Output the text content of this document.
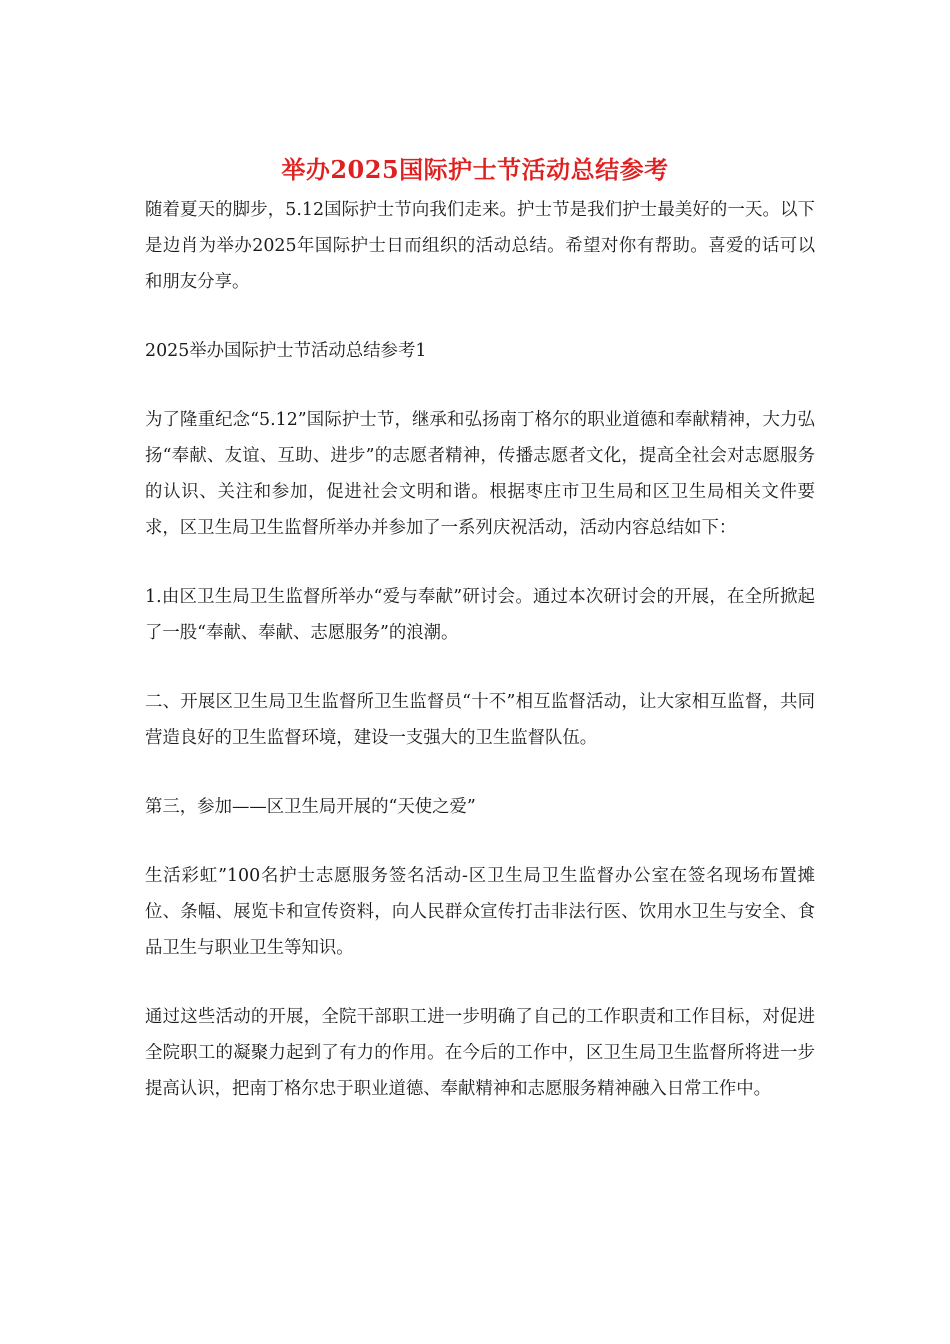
举办2025国际护士节活动总结参考

随着夏天的脚步，5.12国际护士节向我们走来。护士节是我们护士最美好的一天。以下是边肖为举办2025年国际护士日而组织的活动总结。希望对你有帮助。喜爱的话可以和朋友分享。

2025举办国际护士节活动总结参考1

为了隆重纪念“5.12”国际护士节，继承和弘扬南丁格尔的职业道德和奉献精神，大力弘扬“奉献、友谊、互助、进步”的志愿者精神，传播志愿者文化，提高全社会对志愿服务的认识、关注和参加，促进社会文明和谐。根据枣庄市卫生局和区卫生局相关文件要求，区卫生局卫生监督所举办并参加了一系列庆祝活动，活动内容总结如下：

1.由区卫生局卫生监督所举办“爱与奉献”研讨会。通过本次研讨会的开展，在全所掀起了一股“奉献、奉献、志愿服务”的浪潮。

二、开展区卫生局卫生监督所卫生监督员“十不”相互监督活动，让大家相互监督，共同营造良好的卫生监督环境，建设一支强大的卫生监督队伍。

第三，参加——区卫生局开展的“天使之爱”

生活彩虹”100名护士志愿服务签名活动-区卫生局卫生监督办公室在签名现场布置摊位、条幅、展览卡和宣传资料，向人民群众宣传打击非法行医、饮用水卫生与安全、食品卫生与职业卫生等知识。

通过这些活动的开展，全院干部职工进一步明确了自己的工作职责和工作目标，对促进全院职工的凝聚力起到了有力的作用。在今后的工作中，区卫生局卫生监督所将进一步提高认识，把南丁格尔忠于职业道德、奉献精神和志愿服务精神融入日常工作中。
